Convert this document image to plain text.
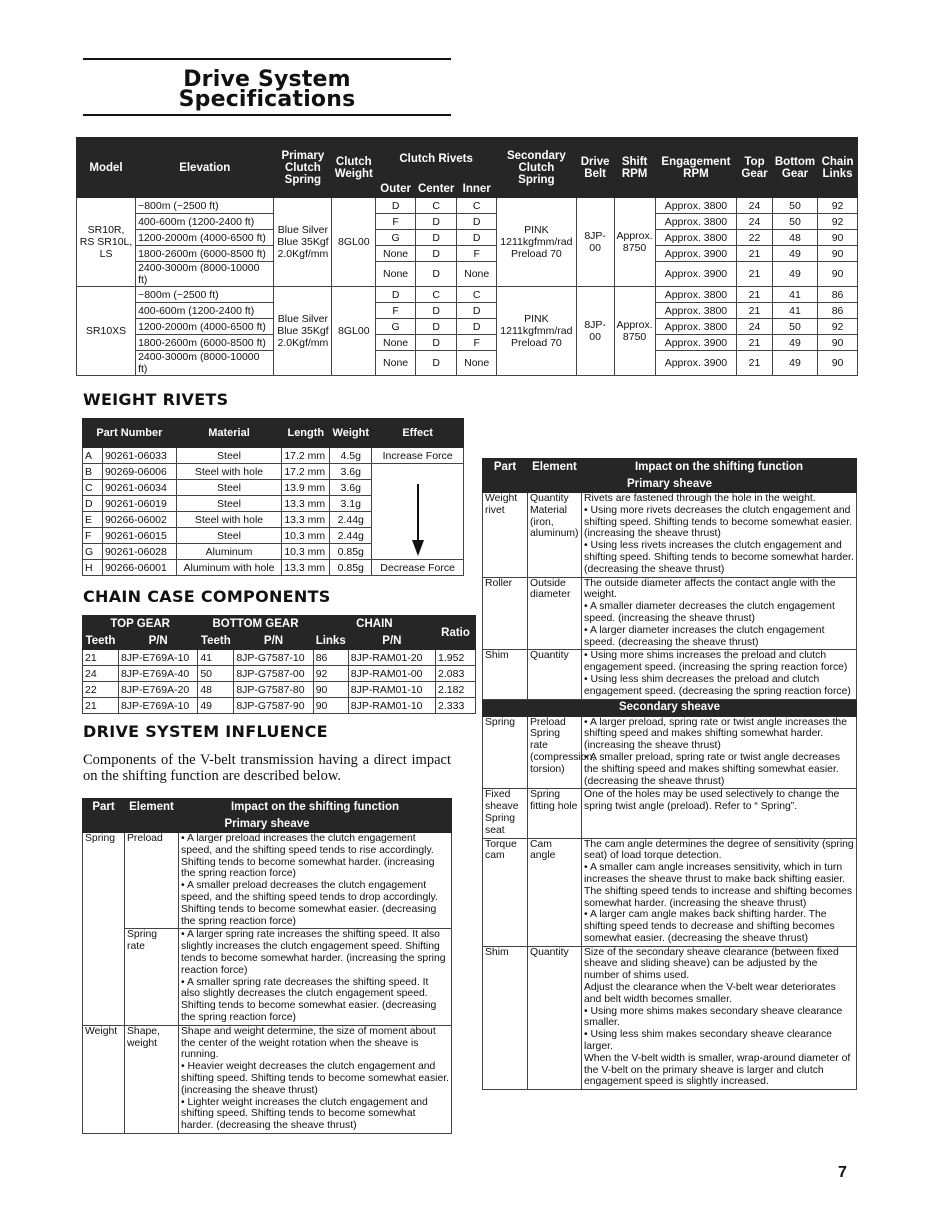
Drive System
Specifications
Model	Elevation	Primary Clutch Spring	Clutch Weight	Clutch Rivets			Secondary Clutch Spring	Drive Belt	Shift RPM	Engagement RPM	Top Gear	Bottom Gear	Chain Links
				Outer	Center	Inner							
SR10R, RS SR10L, LS	~800m (~2500 ft)	Blue Silver Blue 35Kgf 2.0Kgf/mm	8GL00	D	C	C	PINK 1211kgfmm/rad Preload 70	8JP-00	Approx. 8750	Approx. 3800	24	50	92
	400-600m (1200-2400 ft)			F	D	D				Approx. 3800	24	50	92
	1200-2000m (4000-6500 ft)			G	D	D				Approx. 3800	22	48	90
	1800-2600m (6000-8500 ft)			None	D	F				Approx. 3900	21	49	90
	2400-3000m (8000-10000 ft)			None	D	None				Approx. 3900	21	49	90
SR10XS	~800m (~2500 ft)	Blue Silver Blue 35Kgf 2.0Kgf/mm	8GL00	D	C	C	PINK 1211kgfmm/rad Preload 70	8JP-00	Approx. 8750	Approx. 3800	21	41	86
	400-600m (1200-2400 ft)			F	D	D				Approx. 3800	21	41	86
	1200-2000m (4000-6500 ft)			G	D	D				Approx. 3800	24	50	92
	1800-2600m (6000-8500 ft)			None	D	F				Approx. 3900	21	49	90
	2400-3000m (8000-10000 ft)			None	D	None				Approx. 3900	21	49	90
WEIGHT RIVETS
Part Number		Material	Length	Weight	Effect
A	90261-06033	Steel	17.2 mm	4.5g	Increase Force
B	90269-06006	Steel with hole	17.2 mm	3.6g	

C	90261-06034	Steel	13.9 mm	3.6g	
D	90261-06019	Steel	13.3 mm	3.1g	
E	90266-06002	Steel with hole	13.3 mm	2.44g	
F	90261-06015	Steel	10.3 mm	2.44g	
G	90261-06028	Aluminum	10.3 mm	0.85g	
H	90266-06001	Aluminum with hole	13.3 mm	0.85g	Decrease Force
CHAIN CASE COMPONENTS
TOP GEAR		BOTTOM GEAR		CHAIN		Ratio
Teeth	P/N	Teeth	P/N	Links	P/N	
21	8JP-E769A-10	41	8JP-G7587-10	86	8JP-RAM01-20	1.952
24	8JP-E769A-40	50	8JP-G7587-00	92	8JP-RAM01-00	2.083
22	8JP-E769A-20	48	8JP-G7587-80	90	8JP-RAM01-10	2.182
21	8JP-E769A-10	49	8JP-G7587-90	90	8JP-RAM01-10	2.333
DRIVE SYSTEM INFLUENCE
Components of the V-belt transmission having a direct impact on the shifting function are described below.
Part	Element	Impact on the shifting function
Primary sheave		
Spring	Preload	• A larger preload increases the clutch engagement speed, and the shifting speed tends to rise accordingly. Shifting tends to become somewhat harder. (increasing the spring reaction force)

• A smaller preload decreases the clutch engagement speed, and the shifting speed tends to drop accordingly. Shifting tends to become somewhat easier. (decreasing the spring reaction force)

	Spring rate	• A larger spring rate increases the shifting speed. It also slightly increases the clutch engagement speed. Shifting tends to become somewhat harder. (increasing the spring reaction force)

• A smaller spring rate decreases the shifting speed. It also slightly decreases the clutch engagement speed. Shifting tends to become somewhat easier. (decreasing the spring reaction force)

Weight	Shape, weight	Shape and weight determine, the size of moment about the center of the weight rotation when the sheave is running.

• Heavier weight decreases the clutch engagement and shifting speed. Shifting tends to become somewhat easier. (increasing the sheave thrust)

• Lighter weight increases the clutch engagement and shifting speed. Shifting tends to become somewhat harder. (decreasing the sheave thrust)

Part	Element	Impact on the shifting function
Primary sheave		
Weight rivet	Quantity Material (iron, aluminum)	Rivets are fastened through the hole in the weight.

• Using more rivets decreases the clutch engagement and shifting speed. Shifting tends to become somewhat easier. (increasing the sheave thrust)

• Using less rivets increases the clutch engagement and shifting speed. Shifting tends to become somewhat harder. (decreasing the sheave thrust)

Roller	Outside diameter	The outside diameter affects the contact angle with the weight.

• A smaller diameter decreases the clutch engagement speed. (increasing the sheave thrust)

• A larger diameter increases the clutch engagement speed. (decreasing the sheave thrust)

Shim	Quantity	• Using more shims increases the preload and clutch engagement speed. (increasing the spring reaction force)

• Using less shim decreases the preload and clutch engagement speed. (decreasing the spring reaction force)

Secondary sheave		
Spring	Preload Spring rate (compression, torsion)	• A larger preload, spring rate or twist angle increases the shifting speed and makes shifting somewhat harder. (increasing the sheave thrust)

• A smaller preload, spring rate or twist angle decreases the shifting speed and makes shifting somewhat easier. (decreasing the sheave thrust)

Fixed sheave Spring seat	Spring fitting hole	One of the holes may be used selectively to change the spring twist angle (preload). Refer to “ Spring”.

Torque cam	Cam angle	The cam angle determines the degree of sensitivity (spring seat) of load torque detection.

• A smaller cam angle increases sensitivity, which in turn increases the sheave thrust to make back shifting easier. The shifting speed tends to increase and shifting becomes somewhat harder. (increasing the sheave thrust)

• A larger cam angle makes back shifting harder. The shifting speed tends to decrease and shifting becomes somewhat easier. (decreasing the sheave thrust)

Shim	Quantity	Size of the secondary sheave clearance (between fixed sheave and sliding sheave) can be adjusted by the number of shims used.

Adjust the clearance when the V-belt wear deteriorates and belt width becomes smaller.

• Using more shims makes secondary sheave clearance smaller.

• Using less shim makes secondary sheave clearance larger.

When the V-belt width is smaller, wrap-around diameter of the V-belt on the primary sheave is larger and clutch engagement speed is slightly increased.

7
